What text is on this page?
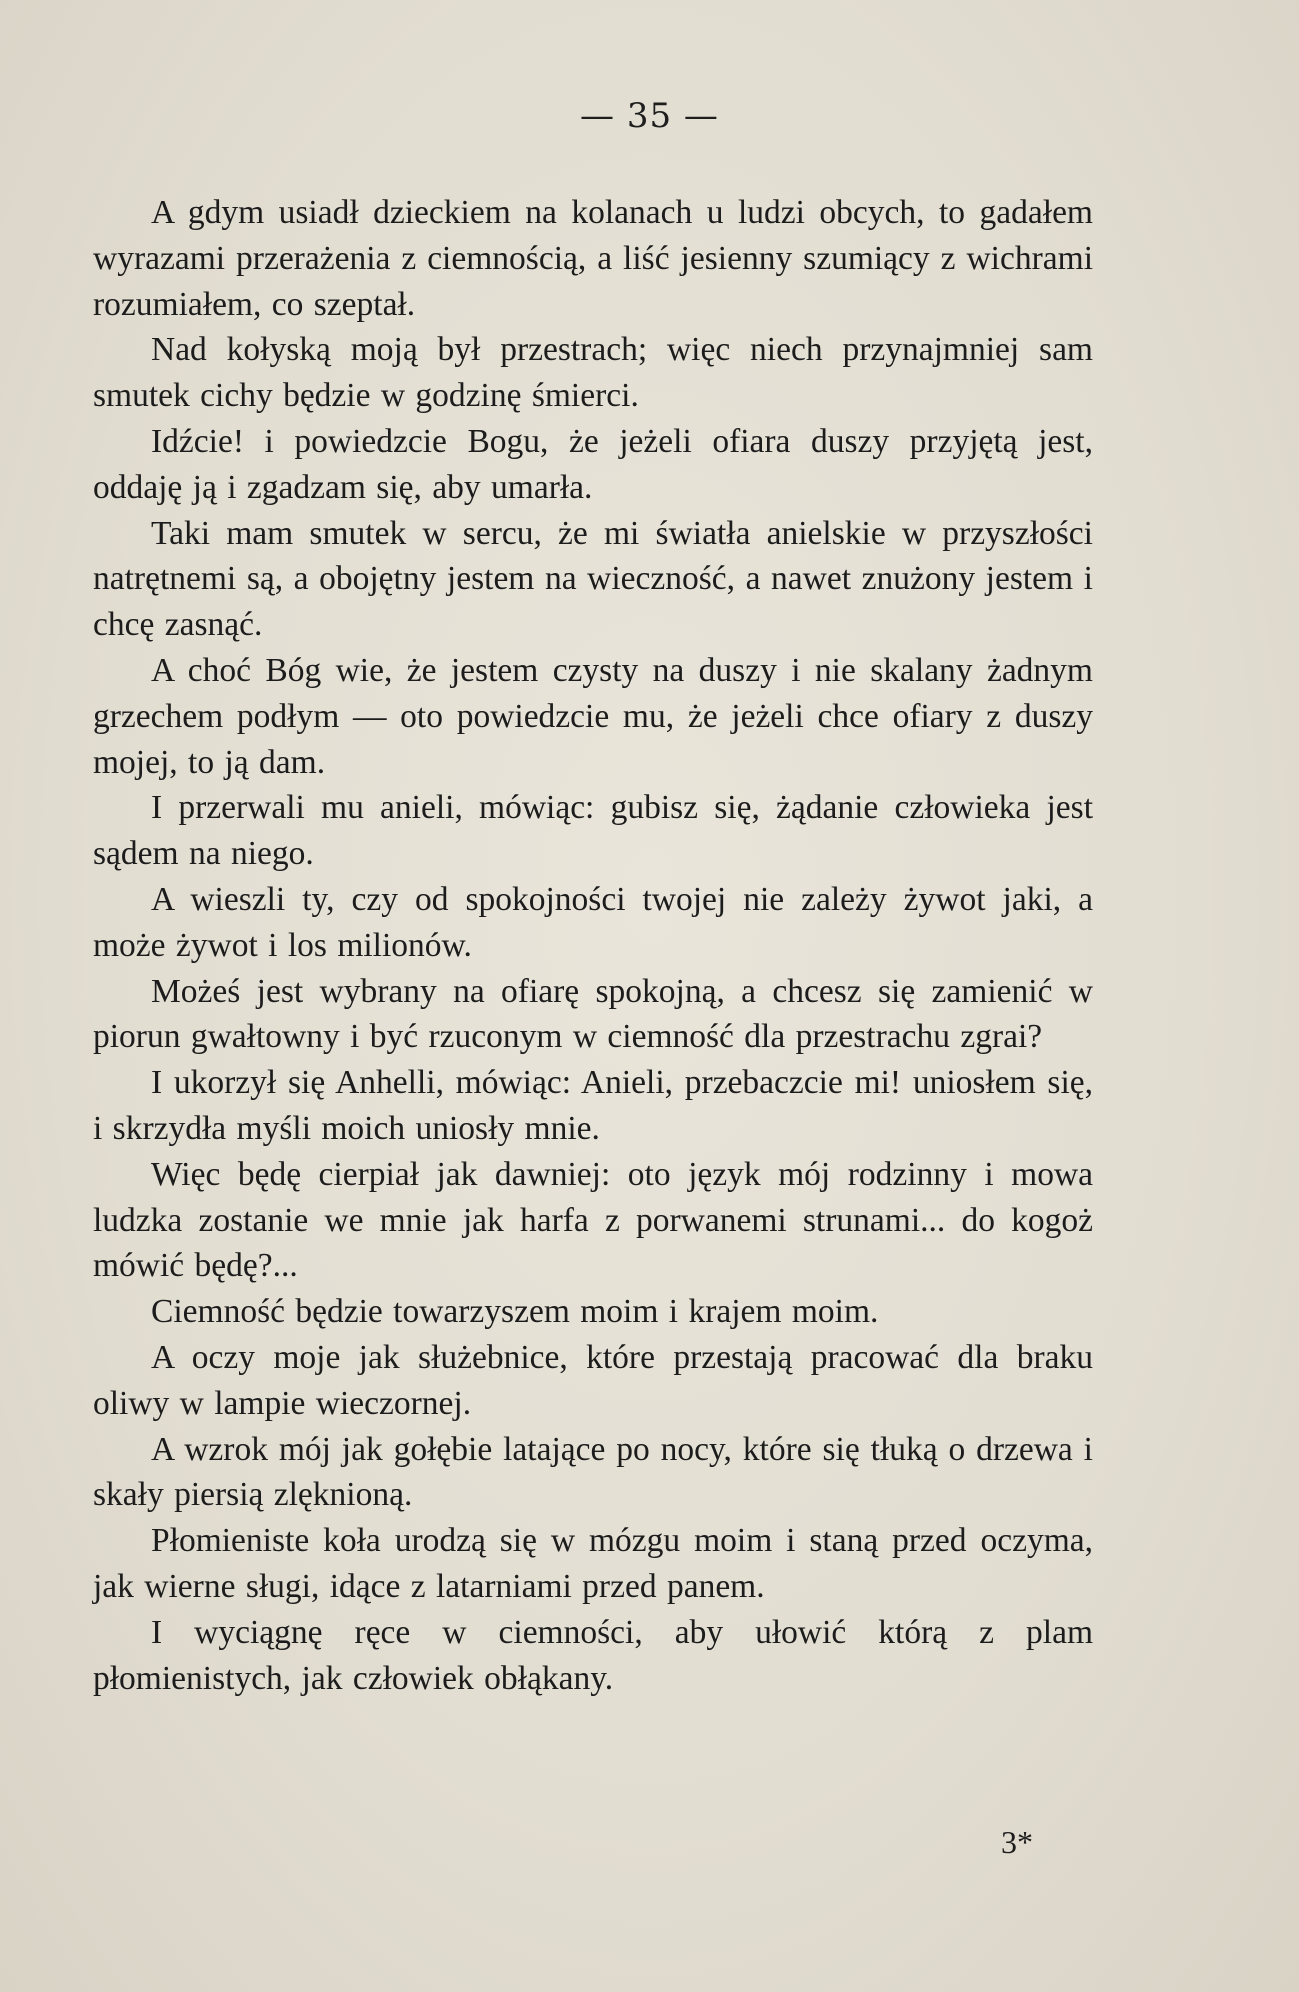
— 35 —

A gdym usiadł dzieckiem na kolanach u ludzi obcych, to gadałem wyrazami przerażenia z ciemnością, a liść jesienny szumiący z wichrami rozumiałem, co szeptał.

Nad kołyską moją był przestrach; więc niech przynajmniej sam smutek cichy będzie w godzinę śmierci.

Idźcie! i powiedzcie Bogu, że jeżeli ofiara duszy przyjętą jest, oddaję ją i zgadzam się, aby umarła.

Taki mam smutek w sercu, że mi światła anielskie w przyszłości natrętnemi są, a obojętny jestem na wieczność, a nawet znużony jestem i chcę zasnąć.

A choć Bóg wie, że jestem czysty na duszy i nie skalany żadnym grzechem podłym — oto powiedzcie mu, że jeżeli chce ofiary z duszy mojej, to ją dam.

I przerwali mu anieli, mówiąc: gubisz się, żądanie człowieka jest sądem na niego.

A wieszli ty, czy od spokojności twojej nie zależy żywot jaki, a może żywot i los milionów.

Możeś jest wybrany na ofiarę spokojną, a chcesz się zamienić w piorun gwałtowny i być rzuconym w ciemność dla przestrachu zgrai?

I ukorzył się Anhelli, mówiąc: Anieli, przebaczcie mi! uniosłem się, i skrzydła myśli moich uniosły mnie.

Więc będę cierpiał jak dawniej: oto język mój rodzinny i mowa ludzka zostanie we mnie jak harfa z porwanemi strunami... do kogoż mówić będę?...

Ciemność będzie towarzyszem moim i krajem moim.

A oczy moje jak służebnice, które przestają pracować dla braku oliwy w lampie wieczornej.

A wzrok mój jak gołębie latające po nocy, które się tłuką o drzewa i skały piersią zlęknioną.

Płomieniste koła urodzą się w mózgu moim i staną przed oczyma, jak wierne sługi, idące z latarniami przed panem.

I wyciągnę ręce w ciemności, aby ułowić którą z plam płomienistych, jak człowiek obłąkany.

3*
